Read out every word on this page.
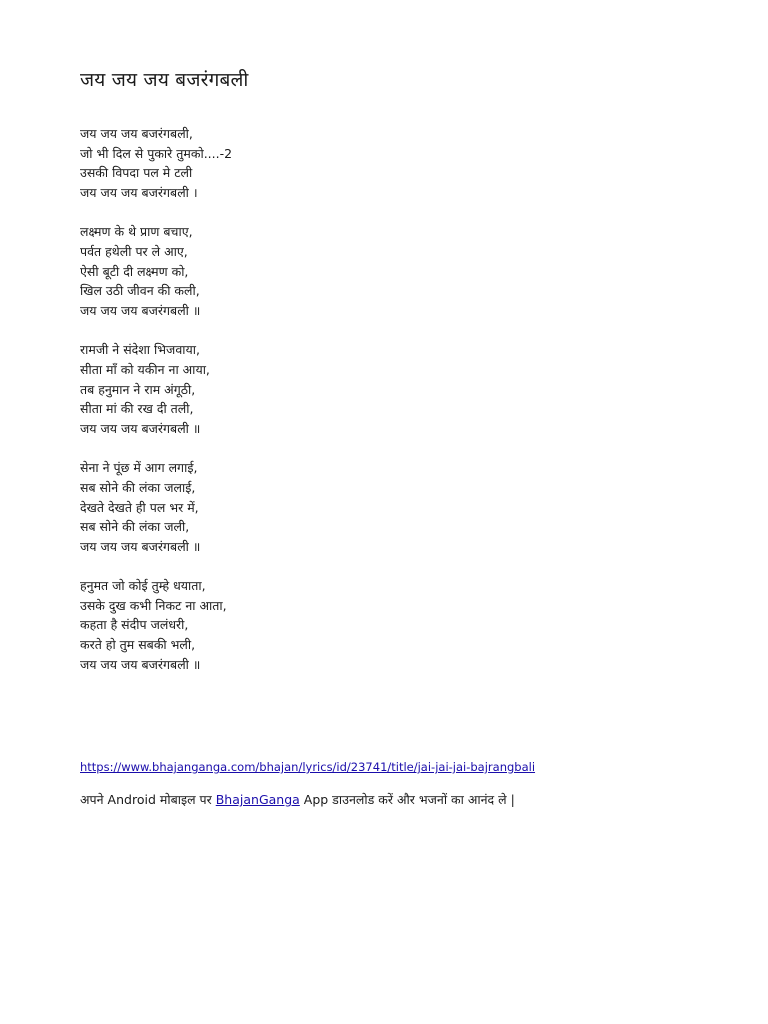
जय जय जय बजरंगबली
जय जय जय बजरंगबली,
जो भी दिल से पुकारे तुमको....-2
उसकी विपदा पल मे टली
जय जय जय बजरंगबली ।
लक्ष्मण के थे प्राण बचाए,
पर्वत हथेली पर ले आए,
ऐसी बूटी दी लक्ष्मण को,
खिल उठी जीवन की कली,
जय जय जय बजरंगबली ॥
रामजी ने संदेशा भिजवाया,
सीता माँ को यकीन ना आया,
तब हनुमान ने राम अंगूठी,
सीता मां की रख दी तली,
जय जय जय बजरंगबली ॥
सेना ने पूंछ में आग लगाई,
सब सोने की लंका जलाई,
देखते देखते ही पल भर में,
सब सोने की लंका जली,
जय जय जय बजरंगबली ॥
हनुमत जो कोई तुम्हे धयाता,
उसके दुख कभी निकट ना आता,
कहता है संदीप जलंधरी,
करते हो तुम सबकी भली,
जय जय जय बजरंगबली ॥
https://www.bhajanganga.com/bhajan/lyrics/id/23741/title/jai-jai-jai-bajrangbali
अपने Android मोबाइल पर BhajanGanga App डाउनलोड करें और भजनों का आनंद ले |
